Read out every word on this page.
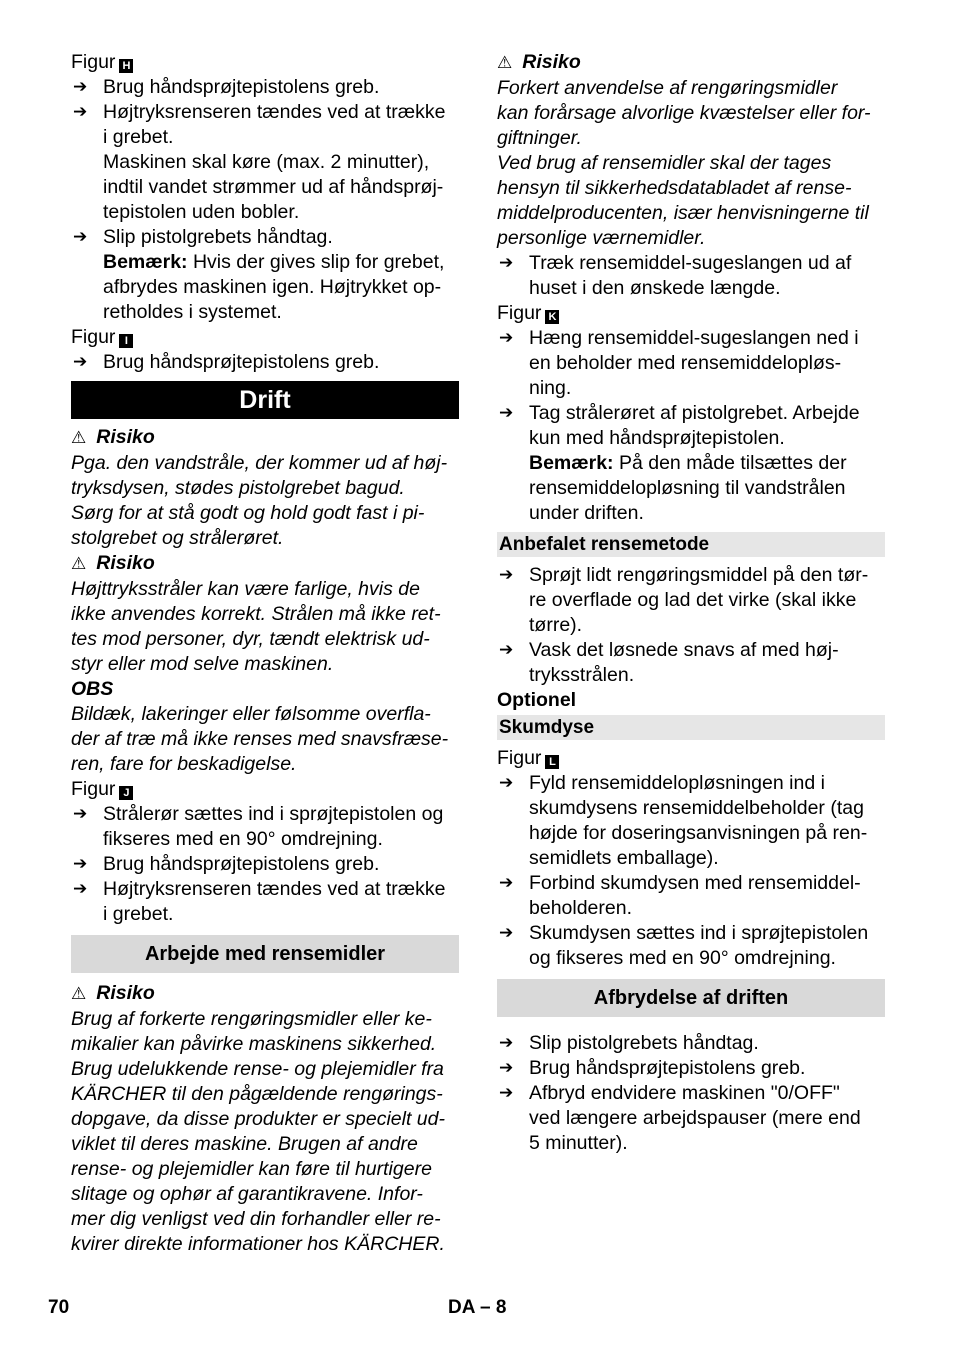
Figur H
➔ Brug håndsprøjtepistolens greb.
➔ Højtryksrenseren tændes ved at trække
i grebet.
Maskinen skal køre (max. 2 minutter),
indtil vandet strømmer ud af håndsprøj-
tepistolen uden bobler.
➔ Slip pistolgrebets håndtag.
Bemærk: Hvis der gives slip for grebet,
afbrydes maskinen igen. Højtrykket op-
retholdes i systemet.
Figur I
➔ Brug håndsprøjtepistolens greb.
Drift
⚠ Risiko
Pga. den vandstråle, der kommer ud af høj-
tryksdysen, stødes pistolgrebet bagud.
Sørg for at stå godt og hold godt fast i pi-
stolgrebet og strålerøret.
⚠ Risiko
Højttryksstråler kan være farlige, hvis de
ikke anvendes korrekt. Strålen må ikke ret-
tes mod personer, dyr, tændt elektrisk ud-
styr eller mod selve maskinen.
OBS
Bildæk, lakeringer eller følsomme overfla-
der af træ må ikke renses med snavsfræse-
ren, fare for beskadigelse.
Figur J
➔ Strålerør sættes ind i sprøjtepistolen og
fikseres med en 90° omdrejning.
➔ Brug håndsprøjtepistolens greb.
➔ Højtryksrenseren tændes ved at trække
i grebet.
Arbejde med rensemidler
⚠ Risiko
Brug af forkerte rengøringsmidler eller ke-
mikalier kan påvirke maskinens sikkerhed.
Brug udelukkende rense- og plejemidler fra
KÄRCHER til den pågældende rengørings-
dopgave, da disse produkter er specielt ud-
viklet til deres maskine. Brugen af andre
rense- og plejemidler kan føre til hurtigere
slitage og ophør af garantikravene. Infor-
mer dig venligst ved din forhandler eller re-
kvirer direkte informationer hos KÄRCHER.
⚠ Risiko
Forkert anvendelse af rengøringsmidler
kan forårsage alvorlige kvæstelser eller for-
giftninger.
Ved brug af rensemidler skal der tages
hensyn til sikkerhedsdatabladet af rense-
middelproducenten, især henvisningerne til
personlige værnemidler.
➔ Træk rensemiddel-sugeslangen ud af
huset i den ønskede længde.
Figur K
➔ Hæng rensemiddel-sugeslangen ned i
en beholder med rensemiddelopløs-
ning.
➔ Tag strålerøret af pistolgrebet. Arbejde
kun med håndsprøjtepistolen.
Bemærk: På den måde tilsættes der
rensemiddelopløsning til vandstrålen
under driften.
Anbefalet rensemetode
➔ Sprøjt lidt rengøringsmiddel på den tør-
re overflade og lad det virke (skal ikke
tørre).
➔ Vask det løsnede snavs af med høj-
tryksstrålen.
Optionel
Skumdyse
Figur L
➔ Fyld rensemiddelopløsningen ind i
skumdysens rensemiddelbeholder (tag
højde for doseringsanvisningen på ren-
semidlets emballage).
➔ Forbind skumdysen med rensemiddel-
beholderen.
➔ Skumdysen sættes ind i sprøjtepistolen
og fikseres med en 90° omdrejning.
Afbrydelse af driften
➔ Slip pistolgrebets håndtag.
➔ Brug håndsprøjtepistolens greb.
➔ Afbryd endvidere maskinen "0/OFF"
ved længere arbejdspauser (mere end
5 minutter).
70	DA – 8
